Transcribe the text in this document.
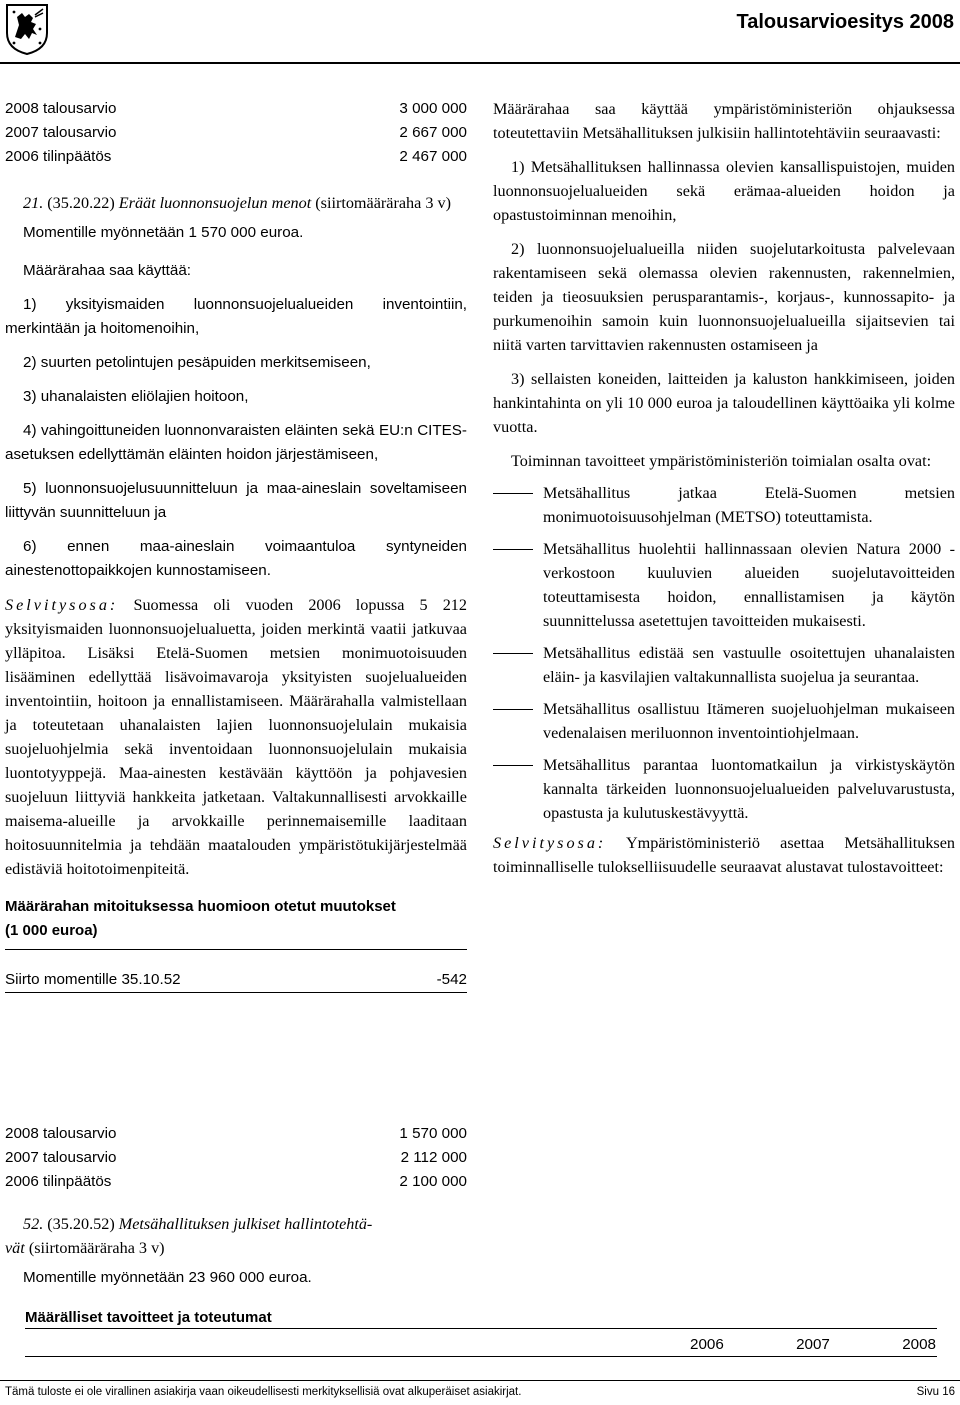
Talousarvioesitys 2008
2008 talousarvio	3 000 000
2007 talousarvio	2 667 000
2006 tilinpäätös	2 467 000

21. (35.20.22) Eräät luonnonsuojelun menot (siirtomääräraha 3 v)

Momentille myönnetään 1 570 000 euroa.

Määrärahaa saa käyttää:

1) yksityismaiden luonnonsuojelualueiden inventointiin, merkintään ja hoitomenoihin,

2) suurten petolintujen pesäpuiden merkitsemiseen,

3) uhanalaisten eliölajien hoitoon,

4) vahingoittuneiden luonnonvaraisten eläinten sekä EU:n CITES-asetuksen edellyttämän eläinten hoidon järjestämiseen,

5) luonnonsuojelusuunnitteluun ja maa-aineslain soveltamiseen liittyvän suunnitteluun ja

6) ennen maa-aineslain voimaantuloa syntyneiden ainestenottopaikkojen kunnostamiseen.

Selvitysosa: Suomessa oli vuoden 2006 lopussa 5 212 yksityismaiden luonnonsuojelualuetta, joiden merkintä vaatii jatkuvaa ylläpitoa. Lisäksi Etelä-Suomen metsien monimuotoisuuden lisääminen edellyttää lisävoimavaroja yksityisten suojelualueiden inventointiin, hoitoon ja ennallistamiseen. Määrärahalla valmistellaan ja toteutetaan uhanalaisten lajien luonnonsuojelulain mukaisia suojeluohjelmia sekä inventoidaan luonnonsuojelulain mukaisia luontotyyppejä. Maa-ainesten kestävään käyttöön ja pohjavesien suojeluun liittyviä hankkeita jatketaan. Valtakunnallisesti arvokkaille maisema-alueille ja arvokkaille perinnemaisemille laaditaan hoitosuunnitelmia ja tehdään maatalouden ympäristötukijärjestelmää edistäviä hoitotoimenpiteitä.

Määrärahan mitoituksessa huomioon otetut muutokset
(1 000 euroa)
Siirto momentille 35.10.52	-542
2008 talousarvio	1 570 000
2007 talousarvio	2 112 000
2006 tilinpäätös	2 100 000

52. (35.20.52) Metsähallituksen julkiset hallintotehtä-

vät (siirtomääräraha 3 v)

Momentille myönnetään 23 960 000 euroa.

Määrälliset tavoitteet ja toteutumat
2006	2007	2008

Määrärahaa saa käyttää ympäristöministeriön ohjauksessa toteutettaviin Metsähallituksen julkisiin hallintotehtäviin seuraavasti:

1) Metsähallituksen hallinnassa olevien kansallispuistojen, muiden luonnonsuojelualueiden sekä erämaa-alueiden hoidon ja opastustoiminnan menoihin,

2) luonnonsuojelualueilla niiden suojelutarkoitusta palvelevaan rakentamiseen sekä olemassa olevien rakennusten, rakennelmien, teiden ja tieosuuksien perusparantamis-, korjaus-, kunnossapito- ja purkumenoihin samoin kuin luonnonsuojelualueilla sijaitsevien tai niitä varten tarvittavien rakennusten ostamiseen ja

3) sellaisten koneiden, laitteiden ja kaluston hankkimiseen, joiden hankintahinta on yli 10 000 euroa ja taloudellinen käyttöaika yli kolme vuotta.

Toiminnan tavoitteet ympäristöministeriön toimialan osalta ovat:

Metsähallitus jatkaa Etelä-Suomen metsien monimuotoisuusohjelman (METSO) toteuttamista.
Metsähallitus huolehtii hallinnassaan olevien Natura 2000 -verkostoon kuuluvien alueiden suojelutavoitteiden toteuttamisesta hoidon, ennallistamisen ja käytön suunnittelussa asetettujen tavoitteiden mukaisesti.
Metsähallitus edistää sen vastuulle osoitettujen uhanalaisten eläin- ja kasvilajien valtakunnallista suojelua ja seurantaa.
Metsähallitus osallistuu Itämeren suojeluohjelman mukaiseen vedenalaisen meriluonnon inventointiohjelmaan.
Metsähallitus parantaa luontomatkailun ja virkistyskäytön kannalta tärkeiden luonnonsuojelualueiden palveluvarustusta, opastusta ja kulutuskestävyyttä.

Selvitysosa: Ympäristöministeriö asettaa Metsähallituksen toiminnalliselle tulokselliisuudelle seuraavat alustavat tulostavoitteet:

Tämä tuloste ei ole virallinen asiakirja vaan oikeudellisesti merkityksellisiä ovat alkuperäiset asiakirjat.	Sivu 16
